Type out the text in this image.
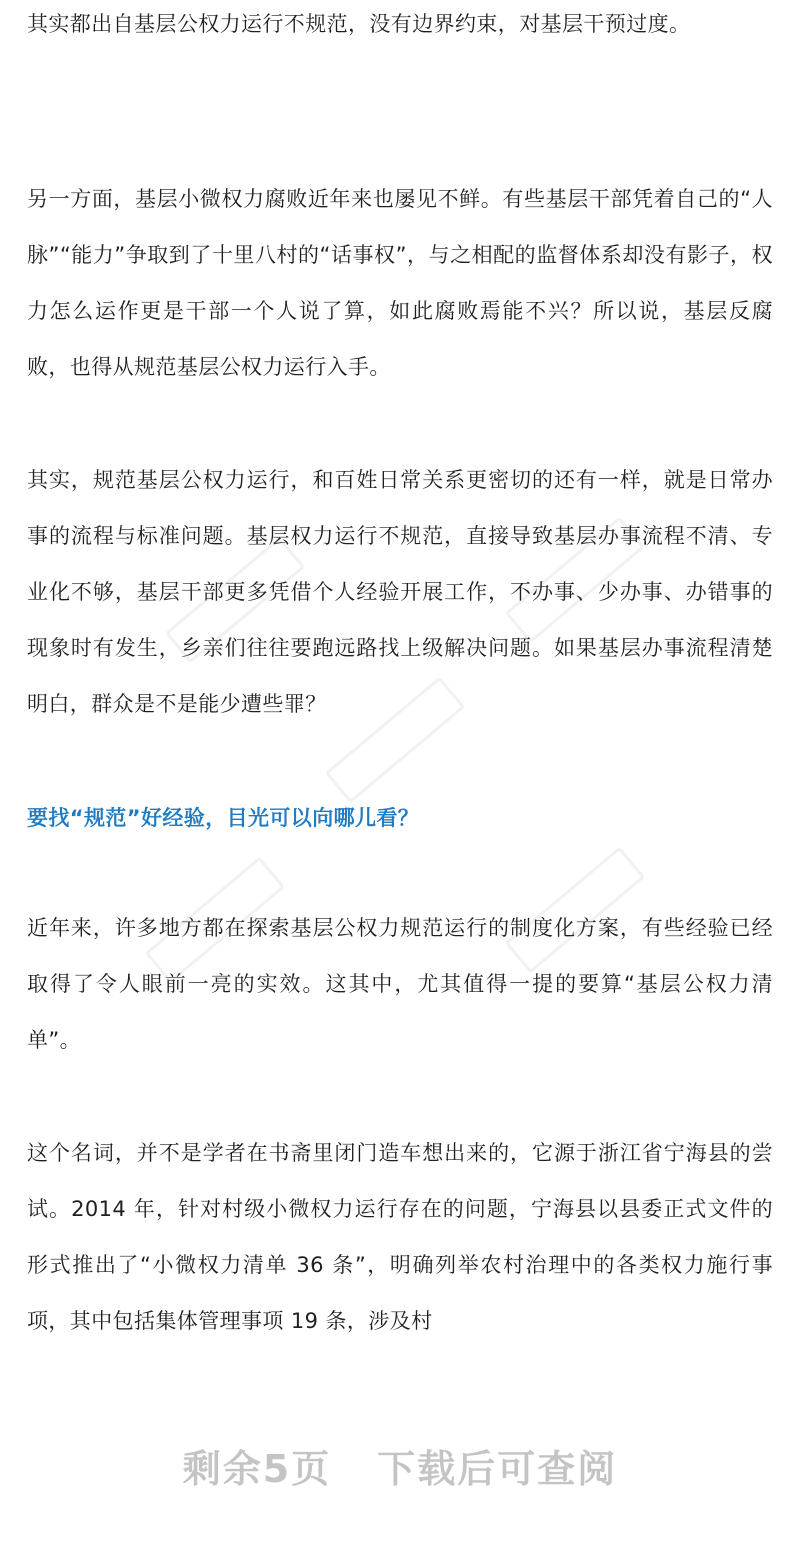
其实都出自基层公权力运行不规范，没有边界约束，对基层干预过度。

另一方面，基层小微权力腐败近年来也屡见不鲜。有些基层干部凭着自己的“人脉”“能力”争取到了十里八村的“话事权”，与之相配的监督体系却没有影子，权力怎么运作更是干部一个人说了算，如此腐败焉能不兴？所以说，基层反腐败，也得从规范基层公权力运行入手。

其实，规范基层公权力运行，和百姓日常关系更密切的还有一样，就是日常办事的流程与标准问题。基层权力运行不规范，直接导致基层办事流程不清、专业化不够，基层干部更多凭借个人经验开展工作，不办事、少办事、办错事的现象时有发生，乡亲们往往要跑远路找上级解决问题。如果基层办事流程清楚明白，群众是不是能少遭些罪？

要找“规范”好经验，目光可以向哪儿看？

近年来，许多地方都在探索基层公权力规范运行的制度化方案，有些经验已经取得了令人眼前一亮的实效。这其中，尤其值得一提的要算“基层公权力清单”。

这个名词，并不是学者在书斋里闭门造车想出来的，它源于浙江省宁海县的尝试。2014 年，针对村级小微权力运行存在的问题，宁海县以县委正式文件的形式推出了“小微权力清单 36 条”，明确列举农村治理中的各类权力施行事项，其中包括集体管理事项 19 条，涉及村

剩余5页 下载后可查阅
